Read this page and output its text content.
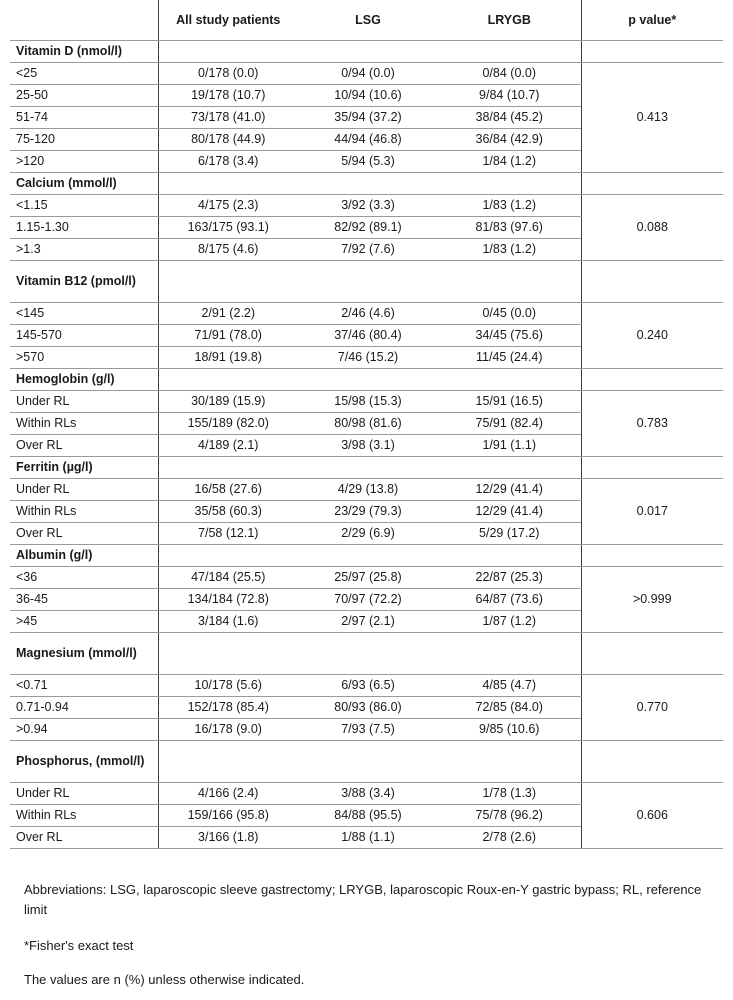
	All study patients	LSG	LRYGB	p value*
Vitamin D (nmol/l)				
<25	0/178 (0.0)	0/94 (0.0)	0/84 (0.0)	0.413
25-50	19/178 (10.7)	10/94 (10.6)	9/84 (10.7)	
51-74	73/178 (41.0)	35/94 (37.2)	38/84 (45.2)	
75-120	80/178 (44.9)	44/94 (46.8)	36/84 (42.9)	
>120	6/178 (3.4)	5/94 (5.3)	1/84 (1.2)	
Calcium (mmol/l)				
<1.15	4/175 (2.3)	3/92 (3.3)	1/83 (1.2)	0.088
1.15-1.30	163/175 (93.1)	82/92 (89.1)	81/83 (97.6)	
>1.3	8/175 (4.6)	7/92 (7.6)	1/83 (1.2)	
Vitamin B12 (pmol/l)				
<145	2/91 (2.2)	2/46 (4.6)	0/45 (0.0)	0.240
145-570	71/91 (78.0)	37/46 (80.4)	34/45 (75.6)	
>570	18/91 (19.8)	7/46 (15.2)	11/45 (24.4)	
Hemoglobin (g/l)				
Under RL	30/189 (15.9)	15/98 (15.3)	15/91 (16.5)	0.783
Within RLs	155/189 (82.0)	80/98 (81.6)	75/91 (82.4)	
Over RL	4/189 (2.1)	3/98 (3.1)	1/91 (1.1)	
Ferritin (µg/l)				
Under RL	16/58 (27.6)	4/29 (13.8)	12/29 (41.4)	0.017
Within RLs	35/58 (60.3)	23/29 (79.3)	12/29 (41.4)	
Over RL	7/58 (12.1)	2/29 (6.9)	5/29 (17.2)	
Albumin (g/l)				
<36	47/184 (25.5)	25/97 (25.8)	22/87 (25.3)	>0.999
36-45	134/184 (72.8)	70/97 (72.2)	64/87 (73.6)	
>45	3/184 (1.6)	2/97 (2.1)	1/87 (1.2)	
Magnesium (mmol/l)				
<0.71	10/178 (5.6)	6/93 (6.5)	4/85 (4.7)	0.770
0.71-0.94	152/178 (85.4)	80/93 (86.0)	72/85 (84.0)	
>0.94	16/178 (9.0)	7/93 (7.5)	9/85 (10.6)	
Phosphorus, (mmol/l)				
Under RL	4/166 (2.4)	3/88 (3.4)	1/78 (1.3)	0.606
Within RLs	159/166 (95.8)	84/88 (95.5)	75/78 (96.2)	
Over RL	3/166 (1.8)	1/88 (1.1)	2/78 (2.6)	
Abbreviations: LSG, laparoscopic sleeve gastrectomy; LRYGB, laparoscopic Roux-en-Y gastric bypass; RL, reference limit
*Fisher's exact test
The values are n (%) unless otherwise indicated.
